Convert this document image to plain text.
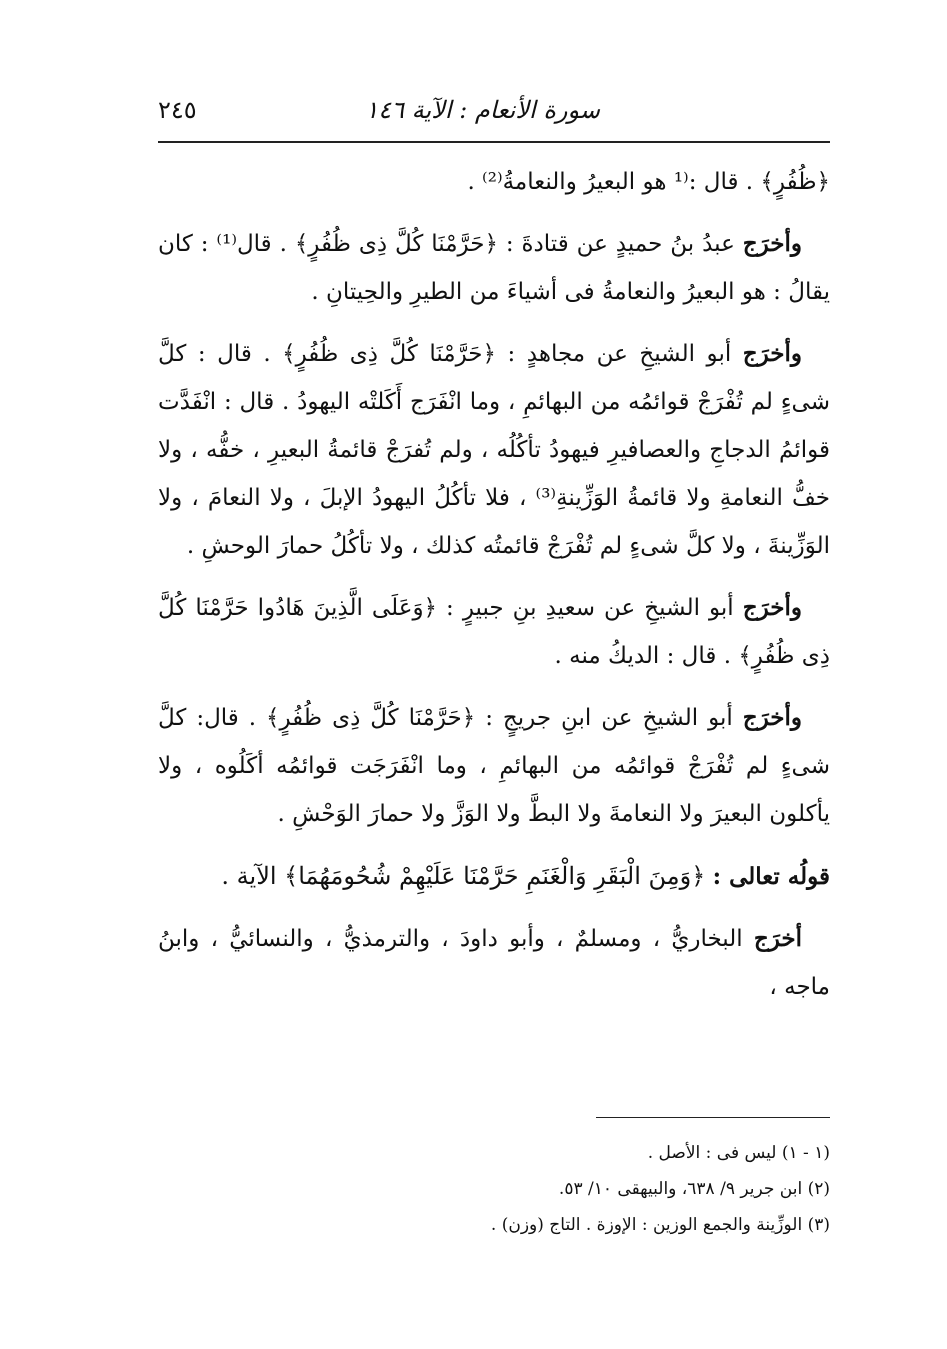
سورة الأنعام : الآية ١٤٦
٢٤٥

﴿ظُفُرٍ﴾ . قال :⁽¹ هو البعيرُ والنعامةُ⁽²⁾ .

وأخرَج عبدُ بنُ حميدٍ عن قتادةَ : ﴿حَرَّمْنَا كُلَّ ذِى ظُفُرٍ﴾ . قال⁽¹⁾ : كان يقالُ : هو البعيرُ والنعامةُ فى أشياءَ من الطيرِ والحِيتانِ .

وأخرَج أبو الشيخِ عن مجاهدٍ : ﴿حَرَّمْنَا كُلَّ ذِى ظُفُرٍ﴾ . قال : كلَّ شىءٍ لم تُفْرَجْ قوائمُه من البهائمِ ، وما انْفَرَج أَكَلتْه اليهودُ . قال : انْفَدَّت قوائمُ الدجاجِ والعصافيرِ فيهودُ تأكُلُه ، ولم تُفرَجْ قائمةُ البعيرِ ، خفُّه ، ولا خفُّ النعامةِ ولا قائمةُ الوَزِّينةِ⁽³⁾ ، فلا تأكُلُ اليهودُ الإبلَ ، ولا النعامَ ، ولا الوَزِّينةَ ، ولا كلَّ شىءٍ لم تُفْرَجْ قائمتُه كذلك ، ولا تأكُلُ حمارَ الوحشِ .

وأخرَج أبو الشيخِ عن سعيدِ بنِ جبيرٍ : ﴿وَعَلَى الَّذِينَ هَادُوا حَرَّمْنَا كُلَّ ذِى ظُفُرٍ﴾ . قال : الديكُ منه .

وأخرَج أبو الشيخِ عن ابنِ جريجٍ : ﴿حَرَّمْنَا كُلَّ ذِى ظُفُرٍ﴾ . قال: كلَّ شىءٍ لم تُفْرَجْ قوائمُه من البهائمِ ، وما انْفَرَجَت قوائمُه أكَلُوه ، ولا يأكلون البعيرَ ولا النعامةَ ولا البطَّ ولا الوَزَّ ولا حمارَ الوَحْشِ .

قولُه تعالى : ﴿وَمِنَ الْبَقَرِ وَالْغَنَمِ حَرَّمْنَا عَلَيْهِمْ شُحُومَهُمَا﴾ الآية .

أخرَج البخاريُّ ، ومسلمٌ ، وأبو داودَ ، والترمذيُّ ، والنسائيُّ ، وابنُ ماجه ،

(١ - ١) ليس فى : الأصل .
(٢) ابن جرير ٩/ ٦٣٨، والبيهقى ١٠/ ٥٣.
(٣) الوزِّينة والجمع الوزين : الإوزة . التاج (وزن) .
